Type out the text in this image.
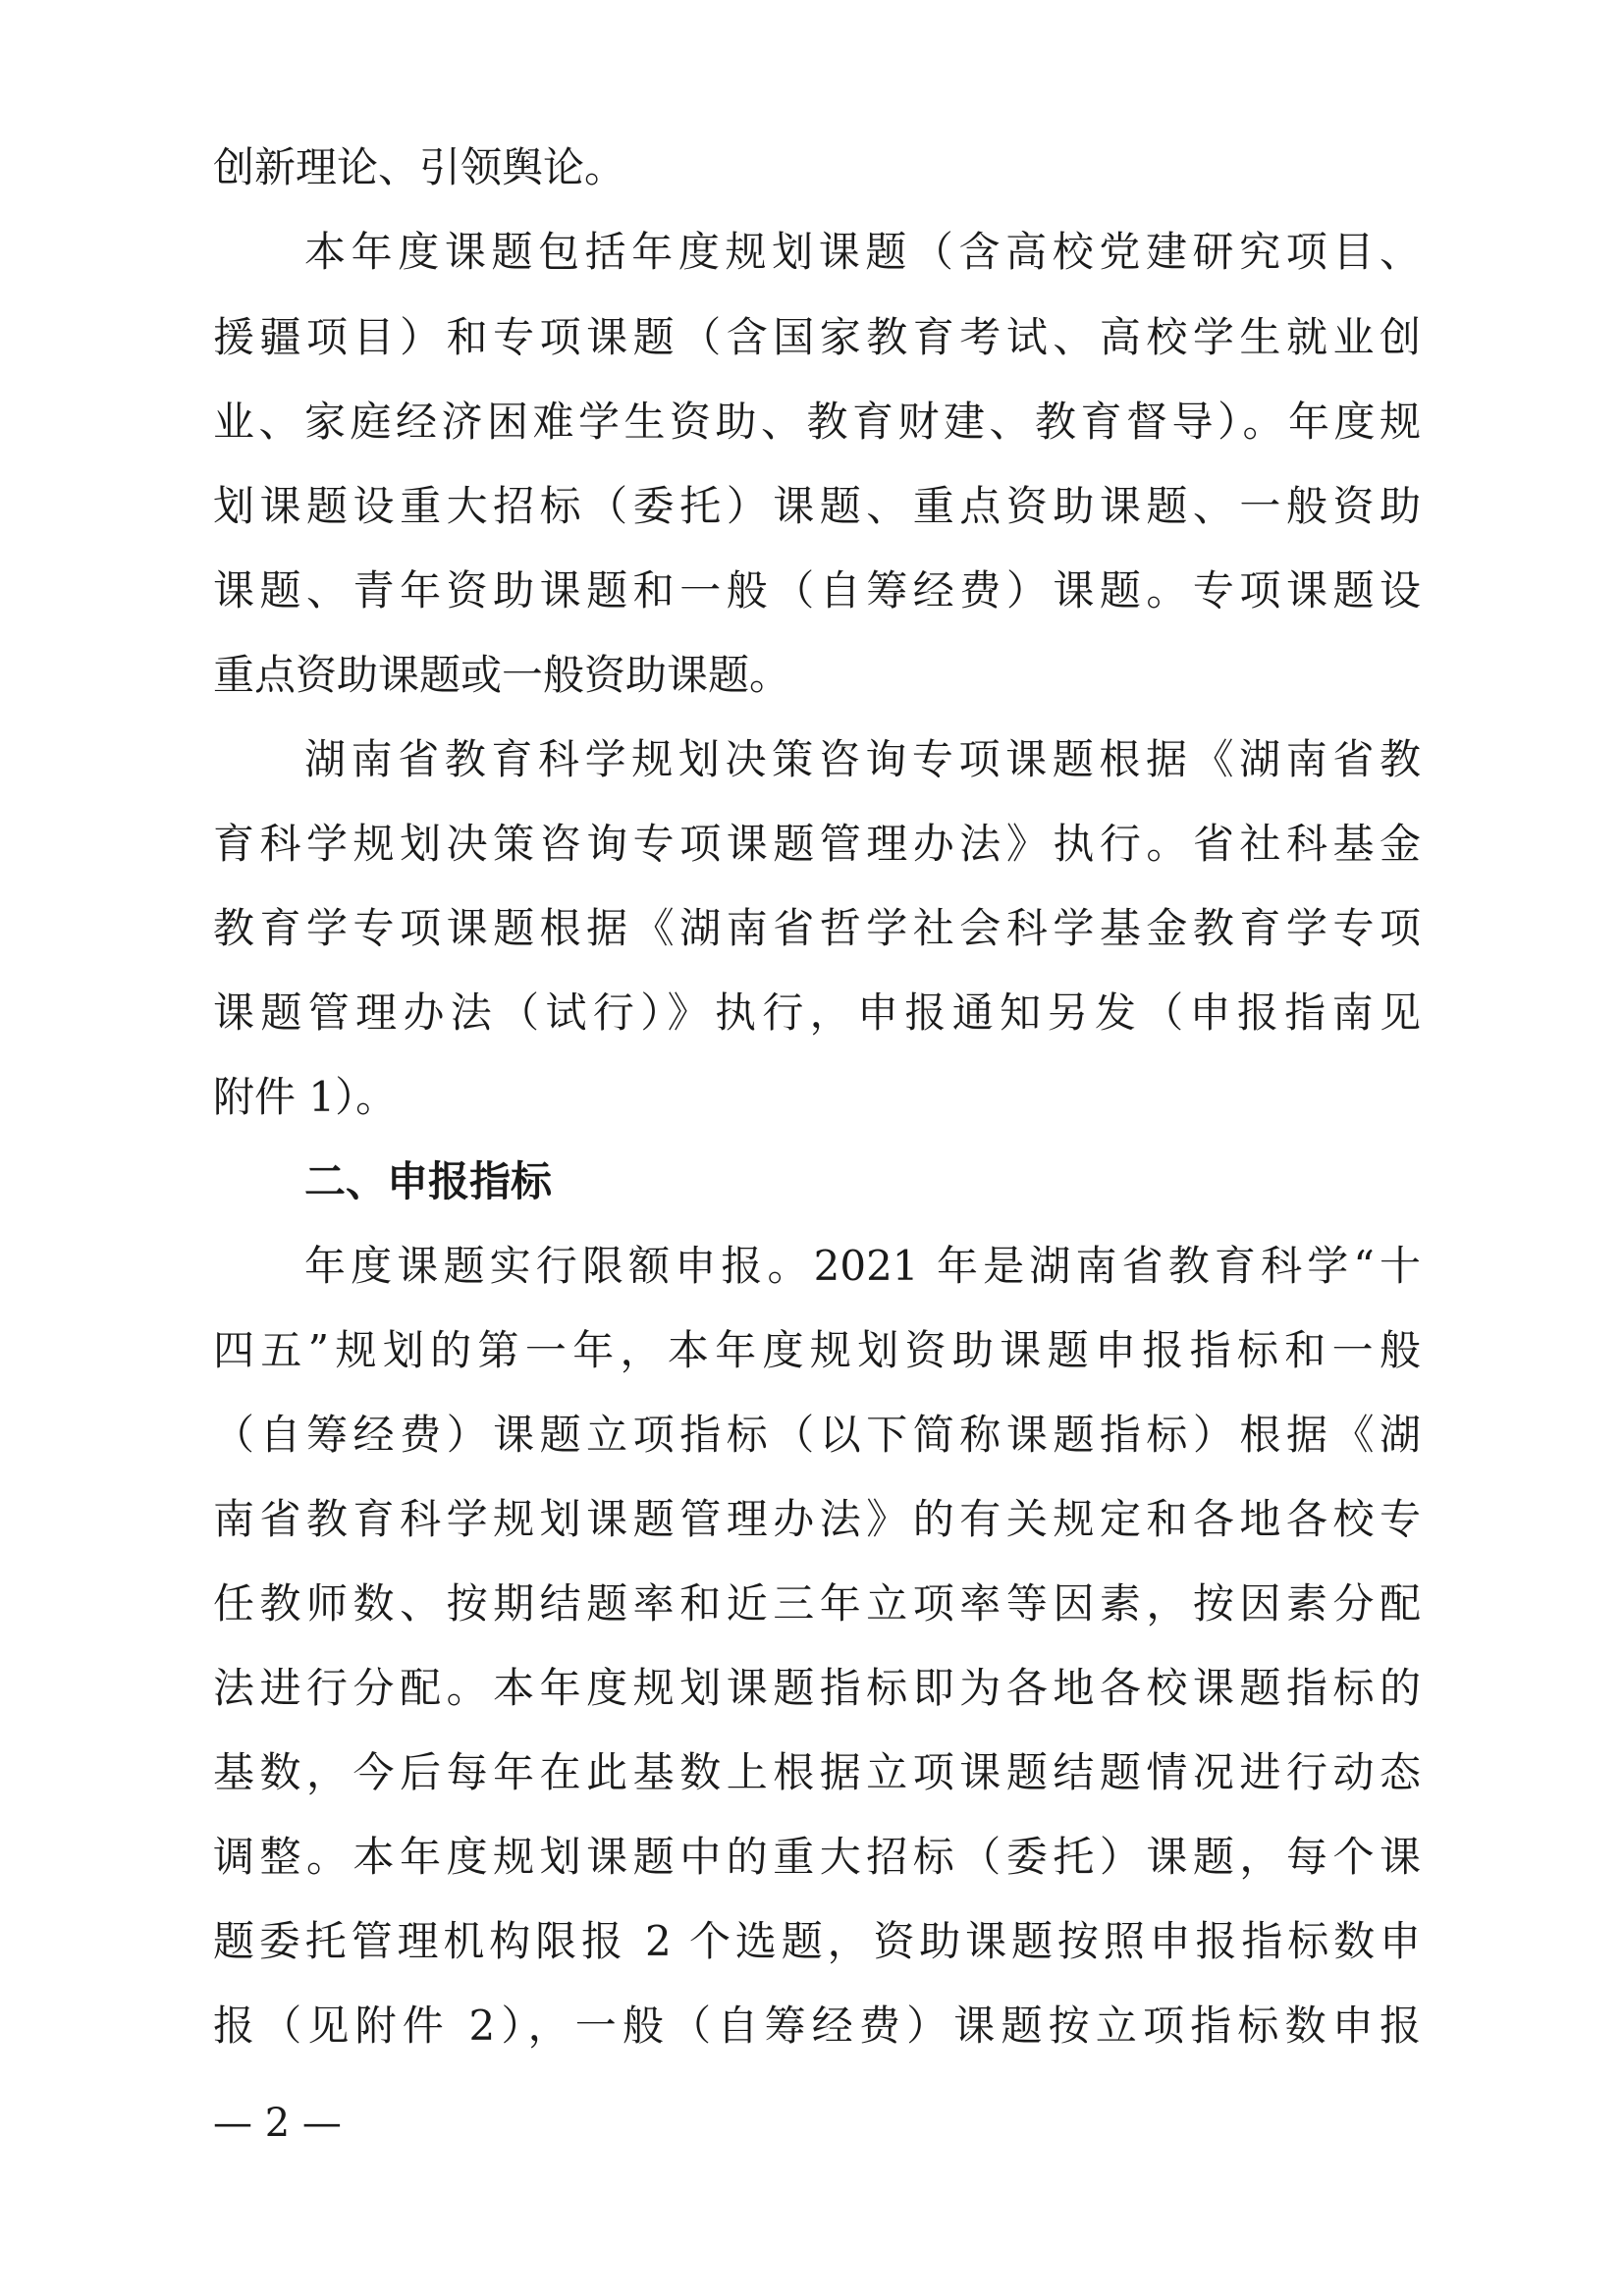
创新理论、引领舆论。
本年度课题包括年度规划课题（含高校党建研究项目、
援疆项目）和专项课题（含国家教育考试、高校学生就业创
业、家庭经济困难学生资助、教育财建、教育督导）。年度规
划课题设重大招标（委托）课题、重点资助课题、一般资助
课题、青年资助课题和一般（自筹经费）课题。专项课题设
重点资助课题或一般资助课题。
湖南省教育科学规划决策咨询专项课题根据《湖南省教
育科学规划决策咨询专项课题管理办法》执行。省社科基金
教育学专项课题根据《湖南省哲学社会科学基金教育学专项
课题管理办法（试行）》执行，申报通知另发（申报指南见
附件 1）。
二、申报指标
年度课题实行限额申报。2021 年是湖南省教育科学“十
四五”规划的第一年，本年度规划资助课题申报指标和一般
（自筹经费）课题立项指标（以下简称课题指标）根据《湖
南省教育科学规划课题管理办法》的有关规定和各地各校专
任教师数、按期结题率和近三年立项率等因素，按因素分配
法进行分配。本年度规划课题指标即为各地各校课题指标的
基数，今后每年在此基数上根据立项课题结题情况进行动态
调整。本年度规划课题中的重大招标（委托）课题，每个课
题委托管理机构限报 2 个选题，资助课题按照申报指标数申
报（见附件 2），一般（自筹经费）课题按立项指标数申报
— 2 —
